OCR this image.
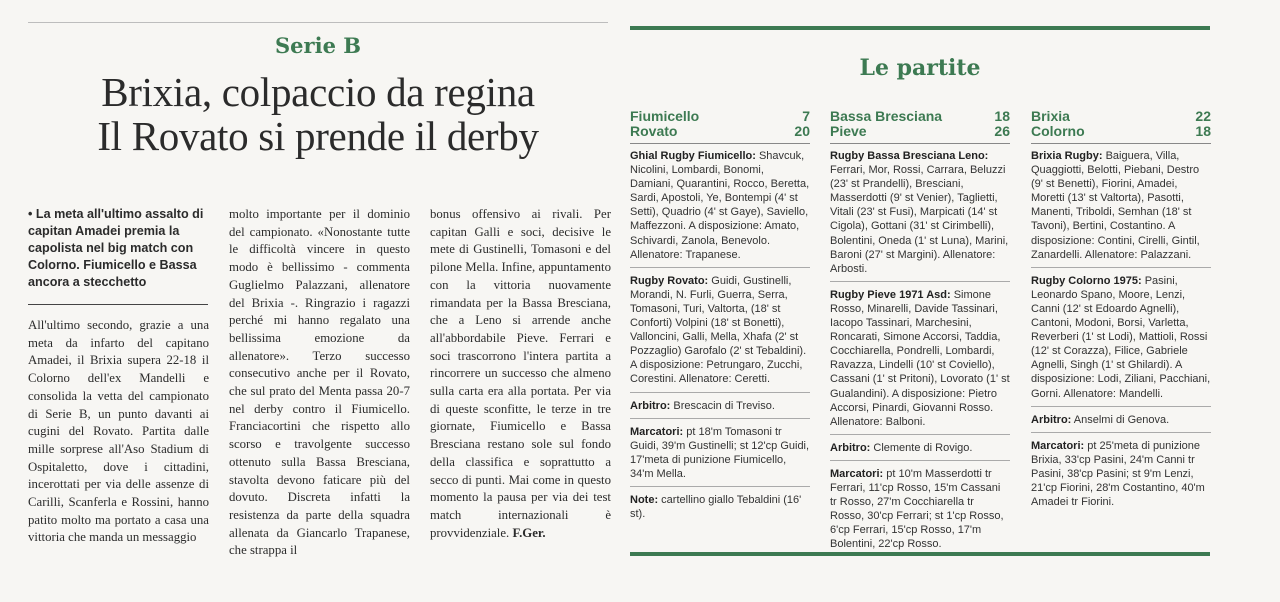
Serie B
Brixia, colpaccio da regina
Il Rovato si prende il derby
• La meta all'ultimo assalto di capitan Amadei premia la capolista nel big match con Colorno. Fiumicello e Bassa ancora a stecchetto

All'ultimo secondo, grazie a una meta da infarto del capitano Amadei, il Brixia supera 22-18 il Colorno dell'ex Mandelli e consolida la vetta del campionato di Serie B, un punto davanti ai cugini del Rovato. Partita dalle mille sorprese all'Aso Stadium di Ospitaletto, dove i cittadini, incerottati per via delle assenze di Carilli, Scanferla e Rossini, hanno patito molto ma portato a casa una vittoria che manda un messaggio

molto importante per il dominio del campionato. «Nonostante tutte le difficoltà vincere in questo modo è bellissimo - commenta Guglielmo Palazzani, allenatore del Brixia -. Ringrazio i ragazzi perché mi hanno regalato una bellissima emozione da allenatore». Terzo successo consecutivo anche per il Rovato, che sul prato del Menta passa 20-7 nel derby contro il Fiumicello. Franciacortini che rispetto allo scorso e travolgente successo ottenuto sulla Bassa Bresciana, stavolta devono faticare più del dovuto. Discreta infatti la resistenza da parte della squadra allenata da Giancarlo Trapanese, che strappa il

bonus offensivo ai rivali. Per capitan Galli e soci, decisive le mete di Gustinelli, Tomasoni e del pilone Mella. Infine, appuntamento con la vittoria nuovamente rimandata per la Bassa Bresciana, che a Leno si arrende anche all'abbordabile Pieve. Ferrari e soci trascorrono l'intera partita a rincorrere un successo che almeno sulla carta era alla portata. Per via di queste sconfitte, le terze in tre giornate, Fiumicello e Bassa Bresciana restano sole sul fondo della classifica e soprattutto a secco di punti. Mai come in questo momento la pausa per via dei test match internazionali è provvidenziale. F.Ger.

Le partite
Fiumicello	7
Rovato	20
Ghial Rugby Fiumicello: Shavcuk, Nicolini, Lombardi, Bonomi, Damiani, Quarantini, Rocco, Beretta, Sardi, Apostoli, Ye, Bontempi (4' st Setti), Quadrio (4' st Gaye), Saviello, Maffezzoni. A disposizione: Amato, Schivardi, Zanola, Benevolo. Allenatore: Trapanese.
Rugby Rovato: Guidi, Gustinelli, Morandi, N. Furli, Guerra, Serra, Tomasoni, Turi, Valtorta, (18' st Conforti) Volpini (18' st Bonetti), Valloncini, Galli, Mella, Xhafa (2' st Pozzaglio) Garofalo (2' st Tebaldini). A disposizione: Petrungaro, Zucchi, Corestini. Allenatore: Ceretti.
Arbitro: Brescacin di Treviso.
Marcatori: pt 18'm Tomasoni tr Guidi, 39'm Gustinelli; st 12'cp Guidi, 17'meta di punizione Fiumicello, 34'm Mella.
Note: cartellino giallo Tebaldini (16' st).
Bassa Bresciana	18
Pieve	26
Rugby Bassa Bresciana Leno: Ferrari, Mor, Rossi, Carrara, Beluzzi (23' st Prandelli), Bresciani, Masserdotti (9' st Venier), Taglietti, Vitali (23' st Fusi), Marpicati (14' st Cigola), Gottani (31' st Cirimbelli), Bolentini, Oneda (1' st Luna), Marini, Baroni (27' st Margini). Allenatore: Arbosti.
Rugby Pieve 1971 Asd: Simone Rosso, Minarelli, Davide Tassinari, Iacopo Tassinari, Marchesini, Roncarati, Simone Accorsi, Taddia, Cocchiarella, Pondrelli, Lombardi, Ravazza, Lindelli (10' st Coviello), Cassani (1' st Pritoni), Lovorato (1' st Gualandini). A disposizione: Pietro Accorsi, Pinardi, Giovanni Rosso. Allenatore: Balboni.
Arbitro: Clemente di Rovigo.
Marcatori: pt 10'm Masserdotti tr Ferrari, 11'cp Rosso, 15'm Cassani tr Rosso, 27'm Cocchiarella tr Rosso, 30'cp Ferrari; st 1'cp Rosso, 6'cp Ferrari, 15'cp Rosso, 17'm Bolentini, 22'cp Rosso.
Brixia	22
Colorno	18
Brixia Rugby: Baiguera, Villa, Quaggiotti, Belotti, Piebani, Destro (9' st Benetti), Fiorini, Amadei, Moretti (13' st Valtorta), Pasotti, Manenti, Triboldi, Semhan (18' st Tavoni), Bertini, Costantino. A disposizione: Contini, Cirelli, Gintil, Zanardelli. Allenatore: Palazzani.
Rugby Colorno 1975: Pasini, Leonardo Spano, Moore, Lenzi, Canni (12' st Edoardo Agnelli), Cantoni, Modoni, Borsi, Varletta, Reverberi (1' st Lodi), Mattioli, Rossi (12' st Corazza), Filice, Gabriele Agnelli, Singh (1' st Ghilardi). A disposizione: Lodi, Ziliani, Pacchiani, Gorni. Allenatore: Mandelli.
Arbitro: Anselmi di Genova.
Marcatori: pt 25'meta di punizione Brixia, 33'cp Pasini, 24'm Canni tr Pasini, 38'cp Pasini; st 9'm Lenzi, 21'cp Fiorini, 28'm Costantino, 40'm Amadei tr Fiorini.
